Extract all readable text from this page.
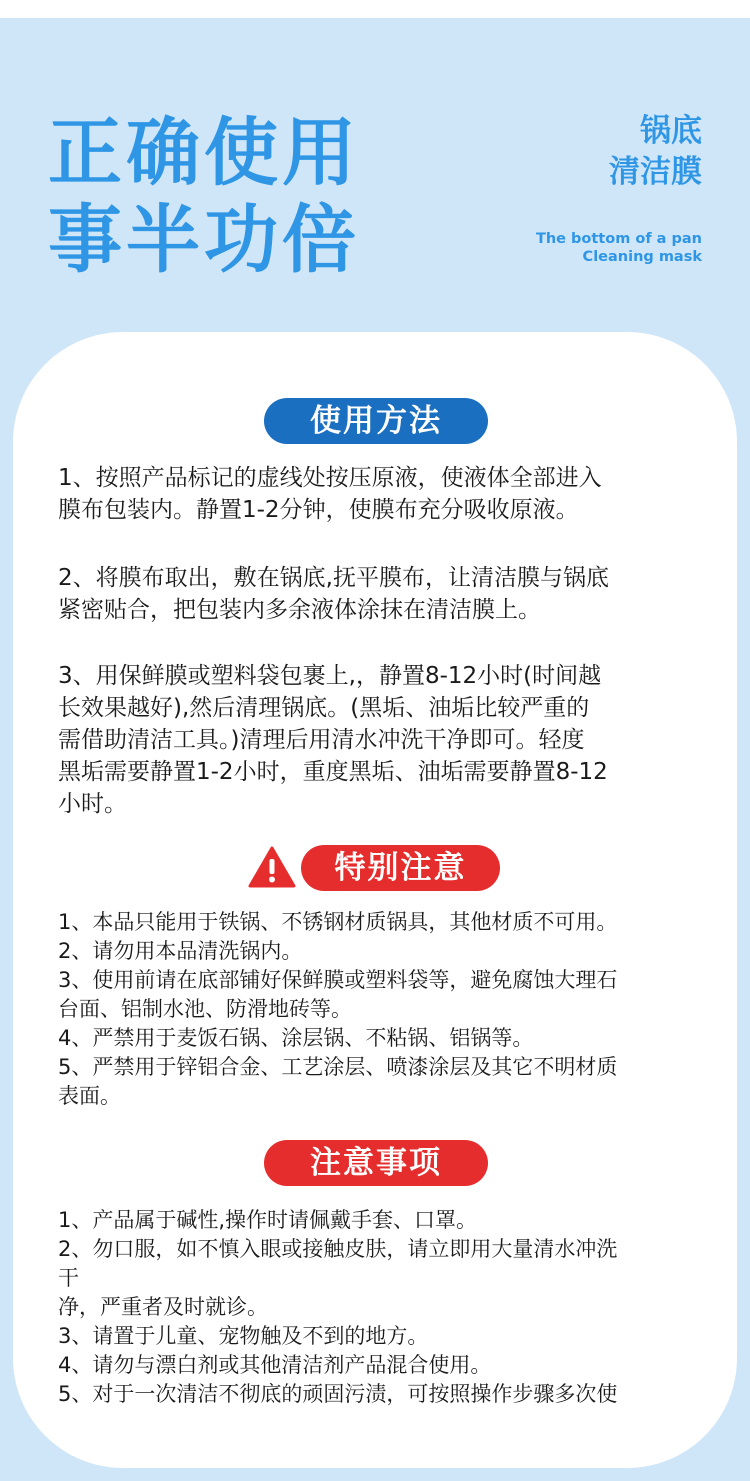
正确使用
事半功倍
锅底
清洁膜
The bottom of a pan
Cleaning mask
使用方法

1、按照产品标记的虚线处按压原液，使液体全部进入
膜布包装内。静置1-2分钟，使膜布充分吸收原液。

2、将膜布取出，敷在锅底,抚平膜布，让清洁膜与锅底
紧密贴合，把包装内多余液体涂抹在清洁膜上。

3、用保鲜膜或塑料袋包裹上,，静置8-12小时(时间越
长效果越好),然后清理锅底。(黑垢、油垢比较严重的
需借助清洁工具。)清理后用清水冲洗干净即可。轻度
黑垢需要静置1-2小时，重度黑垢、油垢需要静置8-12
小时。

特别注意
1、本品只能用于铁锅、不锈钢材质锅具，其他材质不可用。
2、请勿用本品清洗锅内。
3、使用前请在底部铺好保鲜膜或塑料袋等，避免腐蚀大理石
台面、铝制水池、防滑地砖等。
4、严禁用于麦饭石锅、涂层锅、不粘锅、铝锅等。
5、严禁用于锌铝合金、工艺涂层、喷漆涂层及其它不明材质
表面。
注意事项
1、产品属于碱性,操作时请佩戴手套、口罩。
2、勿口服，如不慎入眼或接触皮肤，请立即用大量清水冲洗
干
净，严重者及时就诊。
3、请置于儿童、宠物触及不到的地方。
4、请勿与漂白剂或其他清洁剂产品混合使用。
5、对于一次清洁不彻底的顽固污渍，可按照操作步骤多次使
